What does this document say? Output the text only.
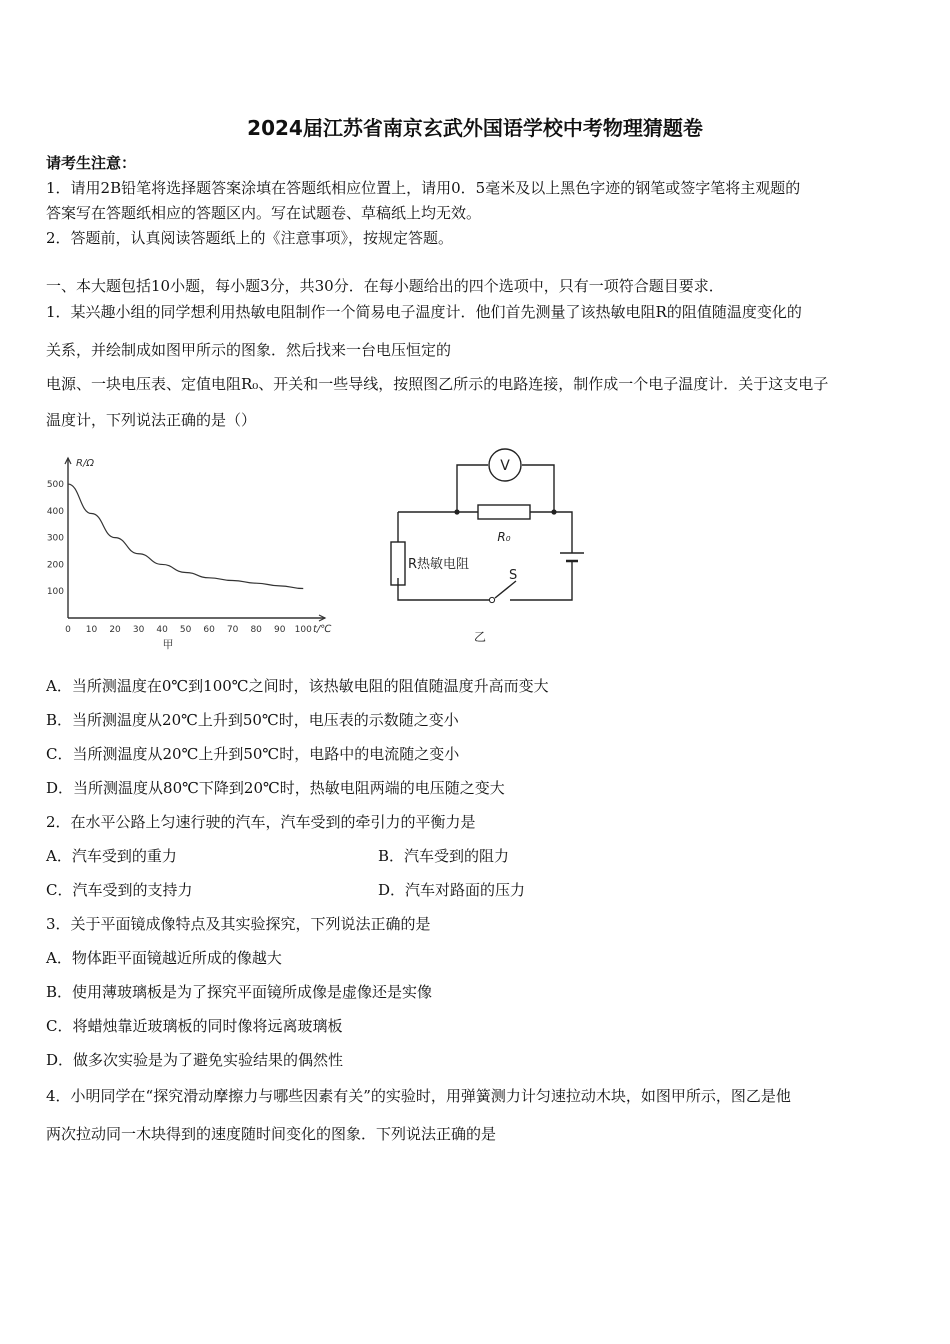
2024届江苏省南京玄武外国语学校中考物理猜题卷
请考生注意：
1．请用2B铅笔将选择题答案涂填在答题纸相应位置上，请用0．5毫米及以上黑色字迹的钢笔或签字笔将主观题的
答案写在答题纸相应的答题区内。写在试题卷、草稿纸上均无效。
2．答题前，认真阅读答题纸上的《注意事项》，按规定答题。
一、本大题包括10小题，每小题3分，共30分．在每小题给出的四个选项中，只有一项符合题目要求．
1．某兴趣小组的同学想利用热敏电阻制作一个简易电子温度计．他们首先测量了该热敏电阻R的阻值随温度变化的
关系，并绘制成如图甲所示的图象．然后找来一台电压恒定的
电源、一块电压表、定值电阻R₀、开关和一些导线，按照图乙所示的电路连接，制作成一个电子温度计．关于这支电子
温度计，下列说法正确的是（）
0 10 20 30 40 50 60 70 80 90 100
100
200
300
400
500
R/Ω
t/℃
甲
V
R₀
R热敏电阻
S
乙
A．当所测温度在0℃到100℃之间时，该热敏电阻的阻值随温度升高而变大
B．当所测温度从20℃上升到50℃时，电压表的示数随之变小
C．当所测温度从20℃上升到50℃时，电路中的电流随之变小
D．当所测温度从80℃下降到20℃时，热敏电阻两端的电压随之变大
2．在水平公路上匀速行驶的汽车，汽车受到的牵引力的平衡力是
A．汽车受到的重力	B．汽车受到的阻力
C．汽车受到的支持力	D．汽车对路面的压力
3．关于平面镜成像特点及其实验探究，下列说法正确的是
A．物体距平面镜越近所成的像越大
B．使用薄玻璃板是为了探究平面镜所成像是虚像还是实像
C．将蜡烛靠近玻璃板的同时像将远离玻璃板
D．做多次实验是为了避免实验结果的偶然性
4．小明同学在“探究滑动摩擦力与哪些因素有关”的实验时，用弹簧测力计匀速拉动木块，如图甲所示，图乙是他
两次拉动同一木块得到的速度随时间变化的图象．下列说法正确的是
